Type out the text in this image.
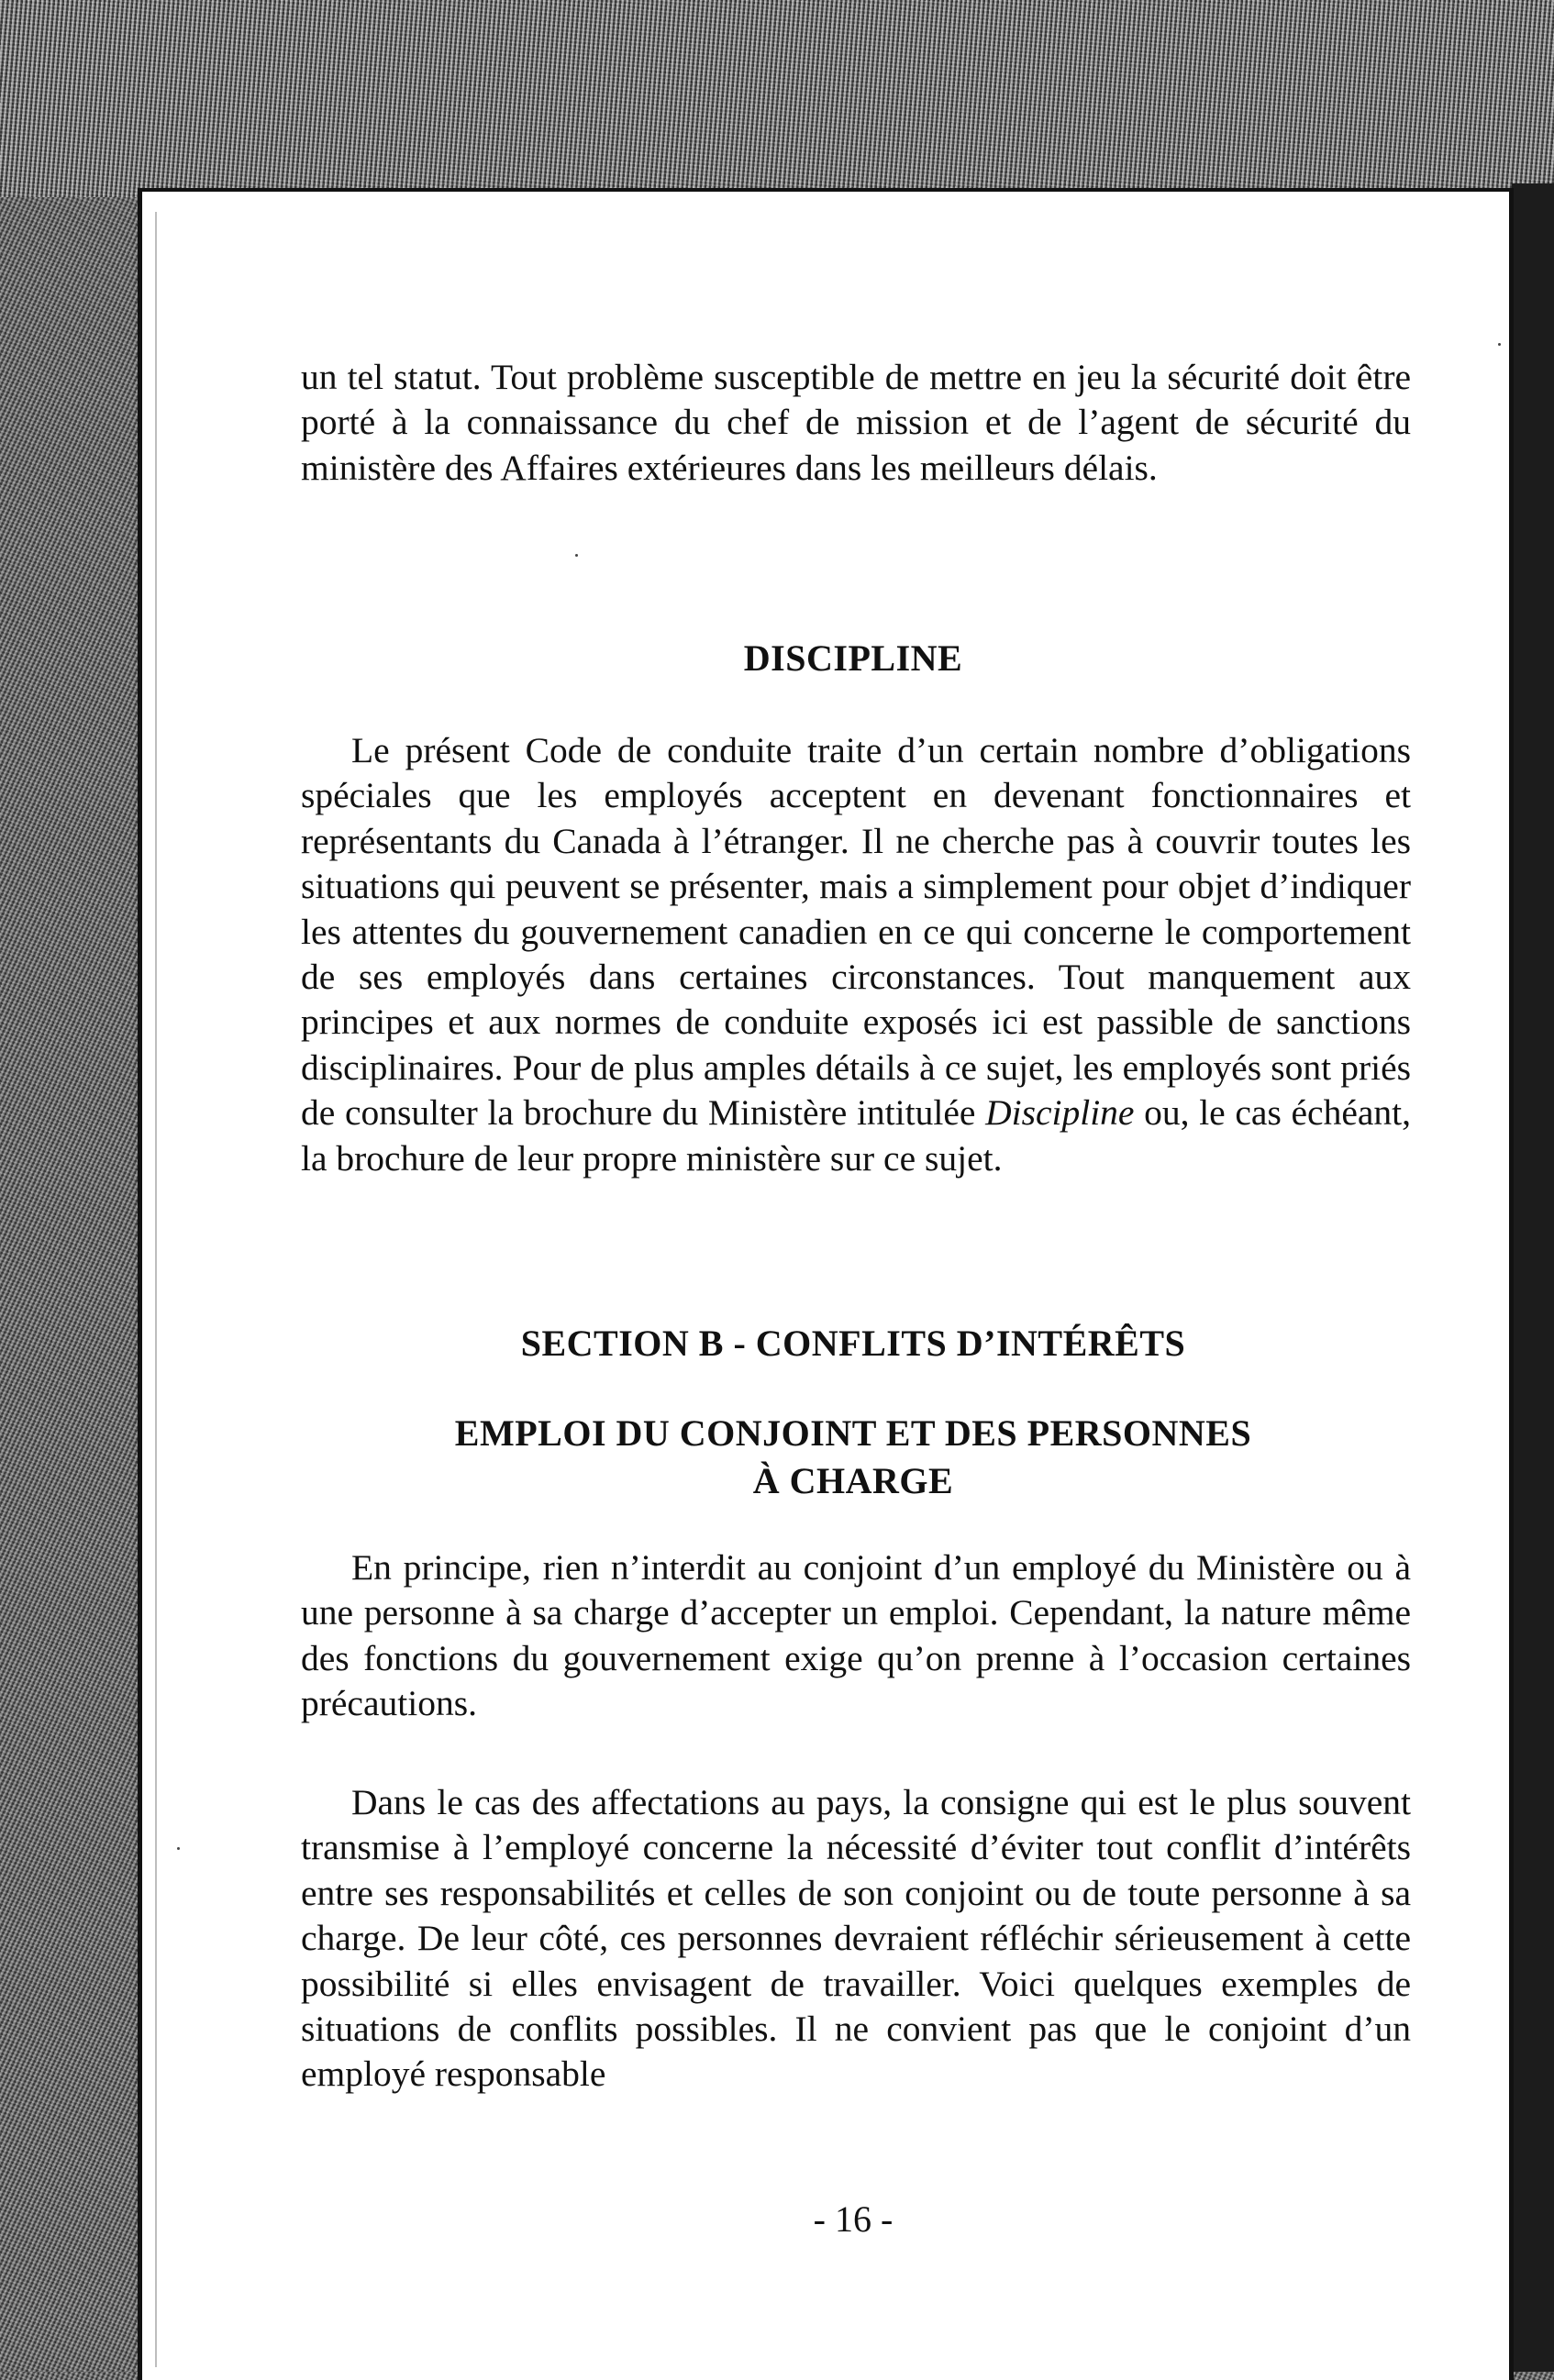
un tel statut. Tout problème susceptible de mettre en jeu la sécurité doit être porté à la connaissance du chef de mission et de l’agent de sécurité du ministère des Affaires extérieures dans les meilleurs délais.

DISCIPLINE

Le présent Code de conduite traite d’un certain nombre d’obligations spéciales que les employés acceptent en devenant fonctionnaires et représentants du Canada à l’étranger. Il ne cherche pas à couvrir toutes les situations qui peuvent se présenter, mais a simplement pour objet d’indiquer les attentes du gouvernement canadien en ce qui concerne le comportement de ses employés dans certaines circonstances. Tout manquement aux principes et aux normes de conduite exposés ici est passible de sanctions disciplinaires. Pour de plus amples détails à ce sujet, les employés sont priés de consulter la brochure du Ministère intitulée Discipline ou, le cas échéant, la brochure de leur propre ministère sur ce sujet.

SECTION B - CONFLITS D’INTÉRÊTS
EMPLOI DU CONJOINT ET DES PERSONNES
À CHARGE

En principe, rien n’interdit au conjoint d’un employé du Ministère ou à une personne à sa charge d’accepter un emploi. Cependant, la nature même des fonctions du gouvernement exige qu’on prenne à l’occasion certaines précautions.

Dans le cas des affectations au pays, la consigne qui est le plus souvent transmise à l’employé concerne la nécessité d’éviter tout conflit d’intérêts entre ses responsabilités et celles de son conjoint ou de toute personne à sa charge. De leur côté, ces personnes devraient réfléchir sérieusement à cette possibilité si elles envisagent de travailler. Voici quelques exemples de situations de conflits possibles. Il ne convient pas que le conjoint d’un employé responsable

- 16 -
